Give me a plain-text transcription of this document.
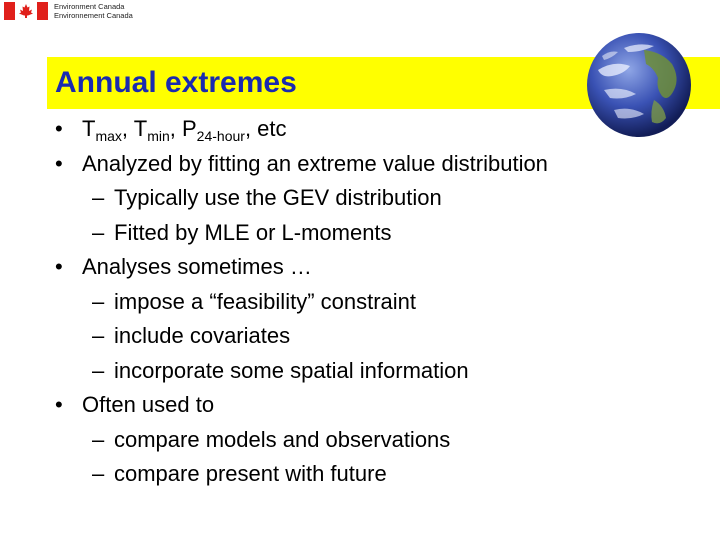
Environment Canada
Environnement Canada
Annual extremes
• $T_{max}$, $T_{min}$, $P_{24-hour}$, etc
• Analyzed by fitting an extreme value distribution
– Typically use the GEV distribution
– Fitted by MLE or L-moments
• Analyses sometimes …
– impose a “feasibility” constraint
– include covariates
– incorporate some spatial information
• Often used to
– compare models and observations
– compare present with future
